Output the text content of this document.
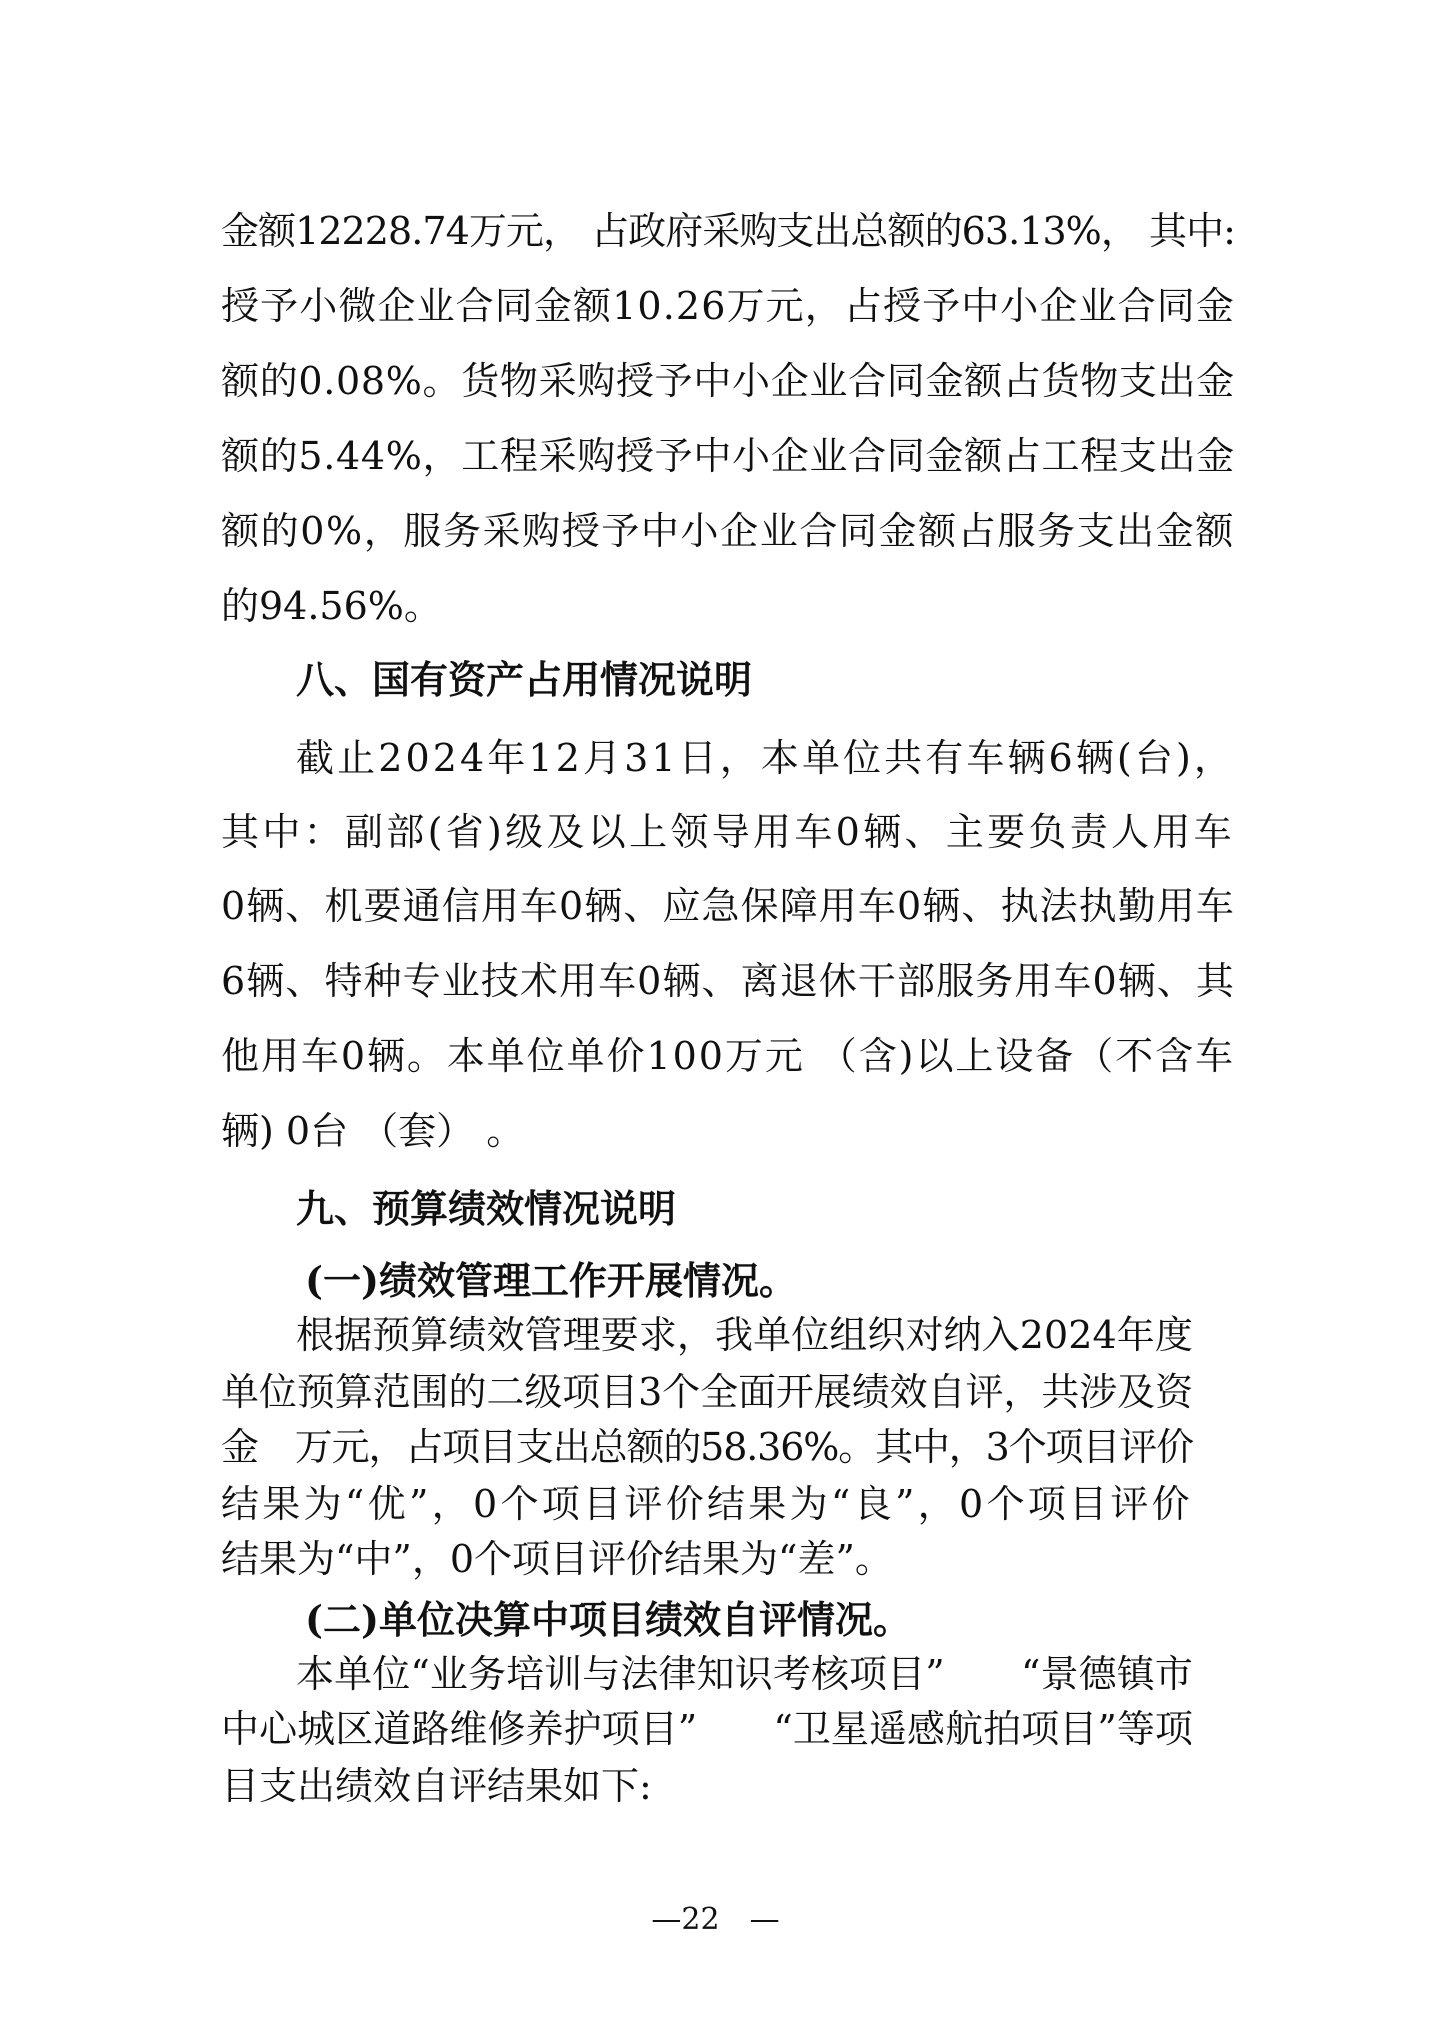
金额12228.74万元， 占政府采购支出总额的63.13%， 其中:
授予小微企业合同金额10.26万元，占授予中小企业合同金
额的0.08%。货物采购授予中小企业合同金额占货物支出金
额的5.44%，工程采购授予中小企业合同金额占工程支出金
额的0%，服务采购授予中小企业合同金额占服务支出金额
的94.56%。
八、国有资产占用情况说明
截止2024年12月31日，本单位共有车辆6辆(台)，
其中：副部(省)级及以上领导用车0辆、主要负责人用车
0辆、机要通信用车0辆、应急保障用车0辆、执法执勤用车
6辆、特种专业技术用车0辆、离退休干部服务用车0辆、其
他用车0辆。本单位单价100万元 （含)以上设备（不含车
辆) 0台 （套） 。
九、预算绩效情况说明
(一)绩效管理工作开展情况。
根据预算绩效管理要求，我单位组织对纳入2024年度
单位预算范围的二级项目3个全面开展绩效自评，共涉及资
金　万元，占项目支出总额的58.36%。其中，3个项目评价
结果为“优”，0个项目评价结果为“良”，0个项目评价
结果为“中”，0个项目评价结果为“差”。
(二)单位决算中项目绩效自评情况。
本单位“业务培训与法律知识考核项目”　　“景德镇市
中心城区道路维修养护项目”　　“卫星遥感航拍项目”等项
目支出绩效自评结果如下:
—22　—
